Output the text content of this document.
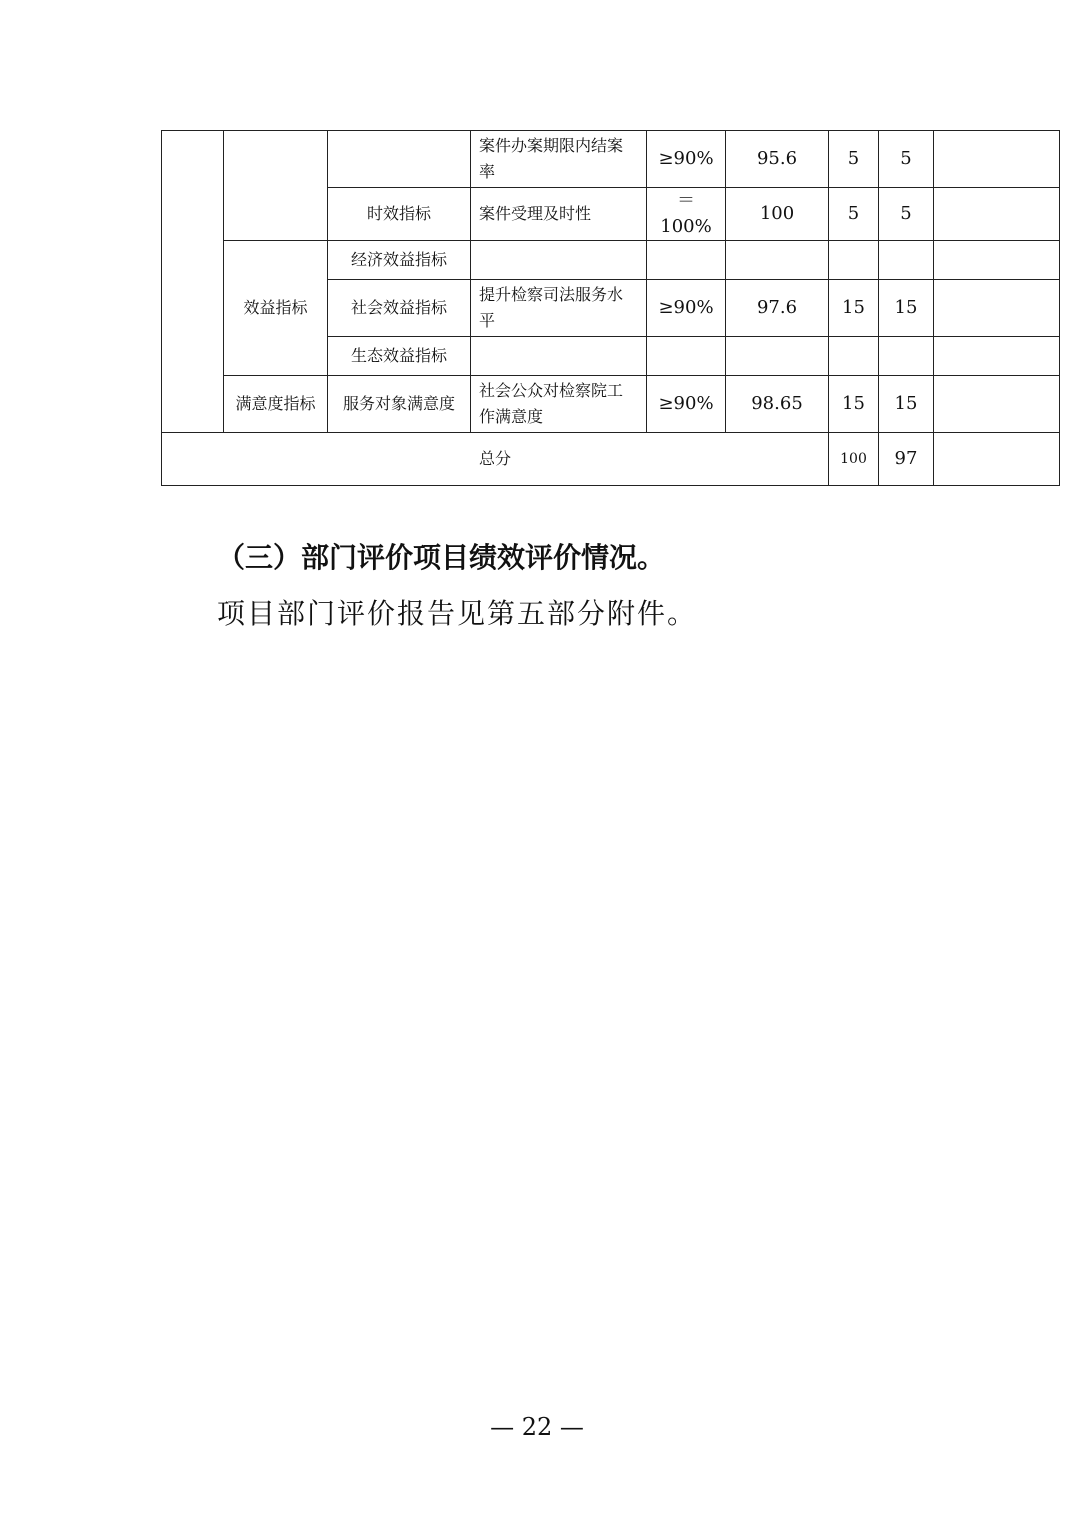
			案件办案期限内结案率	≥90%	95.6	5	5	
		时效指标	案件受理及时性	＝100%	100	5	5	
	效益指标	经济效益指标						
		社会效益指标	提升检察司法服务水平	≥90%	97.6	15	15	
		生态效益指标						
	满意度指标	服务对象满意度	社会公众对检察院工作满意度	≥90%	98.65	15	15	
总分						100	97	
（三）部门评价项目绩效评价情况。

项目部门评价报告见第五部分附件。

— 22 —
